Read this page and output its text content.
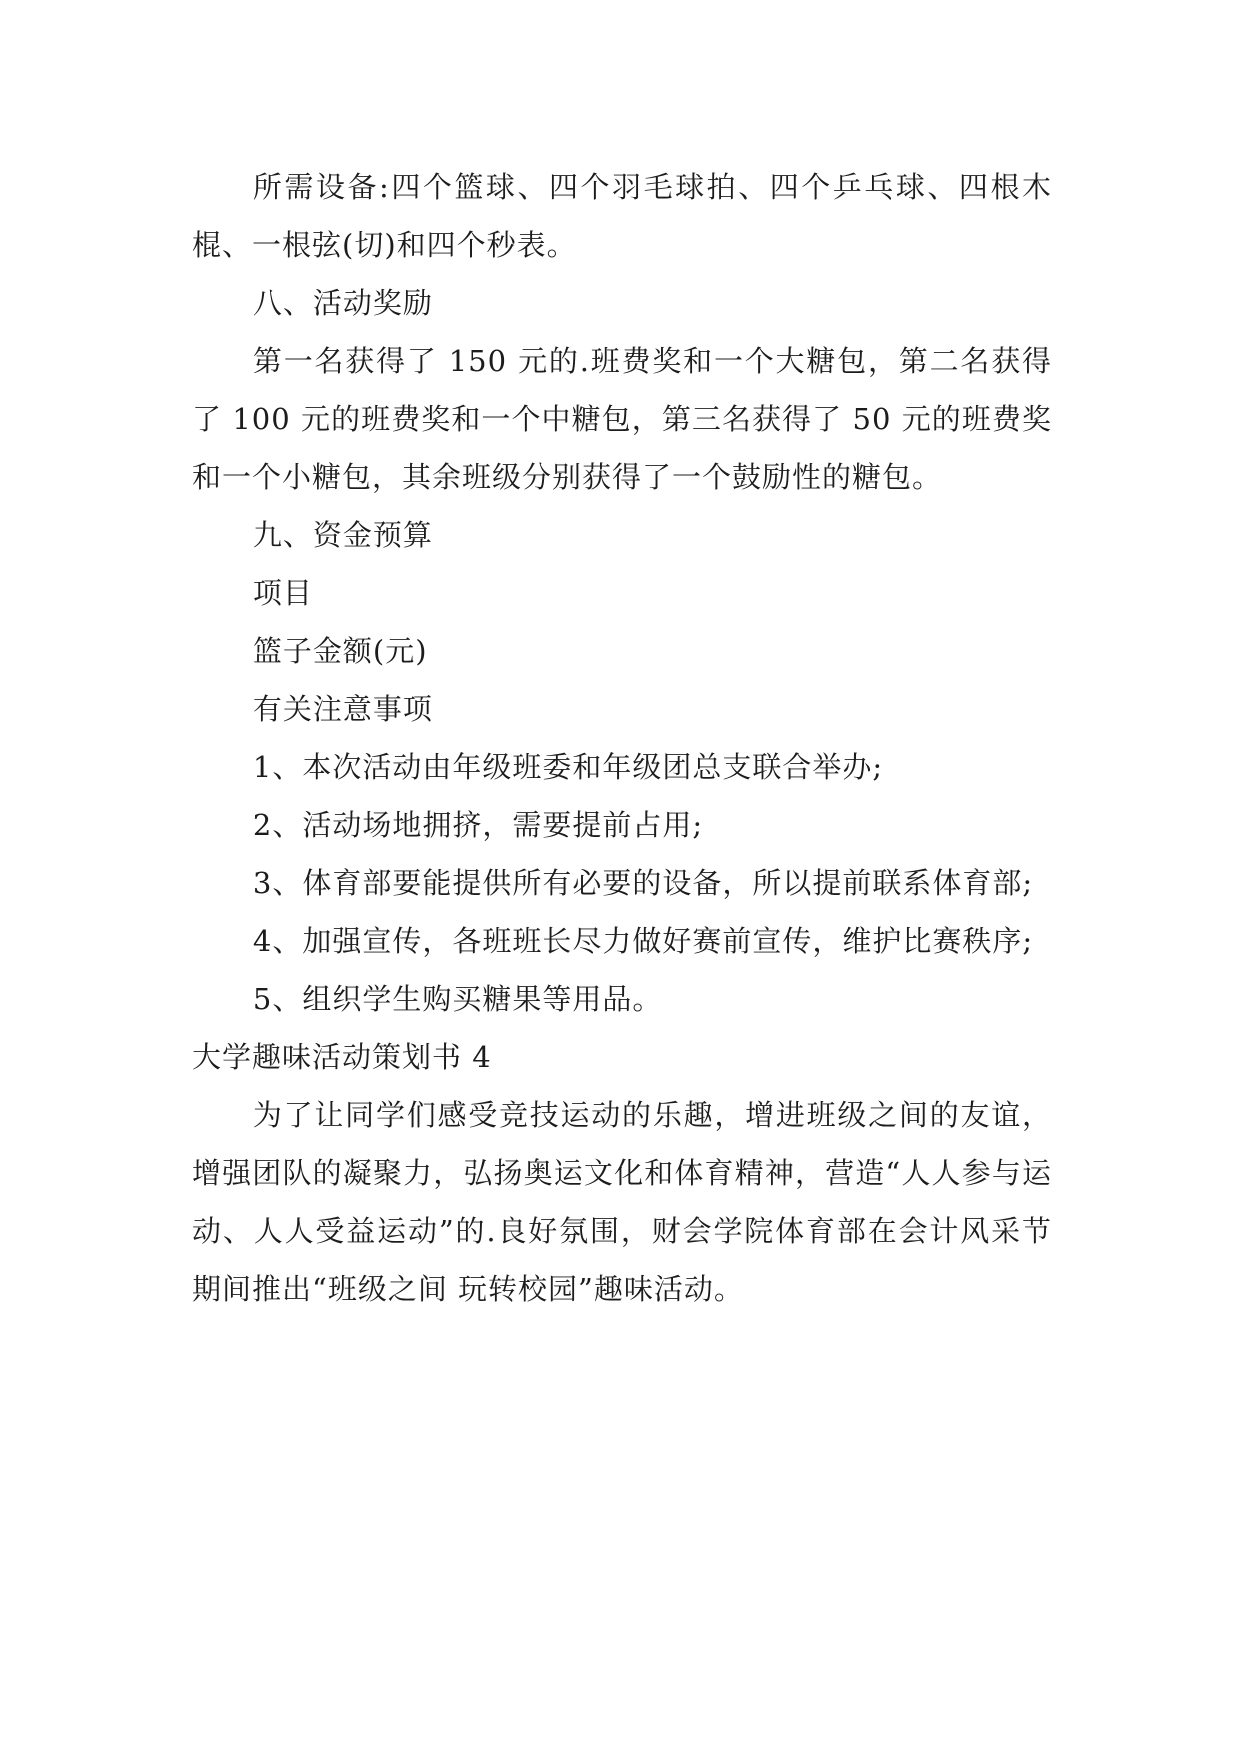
所需设备:四个篮球、四个羽毛球拍、四个乒乓球、四根木棍、一根弦(切)和四个秒表。

八、活动奖励

第一名获得了 150 元的.班费奖和一个大糖包，第二名获得了 100 元的班费奖和一个中糖包，第三名获得了 50 元的班费奖和一个小糖包，其余班级分别获得了一个鼓励性的糖包。

九、资金预算

项目

篮子金额(元)

有关注意事项

1、本次活动由年级班委和年级团总支联合举办;

2、活动场地拥挤，需要提前占用;

3、体育部要能提供所有必要的设备，所以提前联系体育部;

4、加强宣传，各班班长尽力做好赛前宣传，维护比赛秩序;

5、组织学生购买糖果等用品。

大学趣味活动策划书 4

为了让同学们感受竞技运动的乐趣，增进班级之间的友谊，增强团队的凝聚力，弘扬奥运文化和体育精神，营造“人人参与运动、人人受益运动”的.良好氛围，财会学院体育部在会计风采节期间推出“班级之间 玩转校园”趣味活动。
